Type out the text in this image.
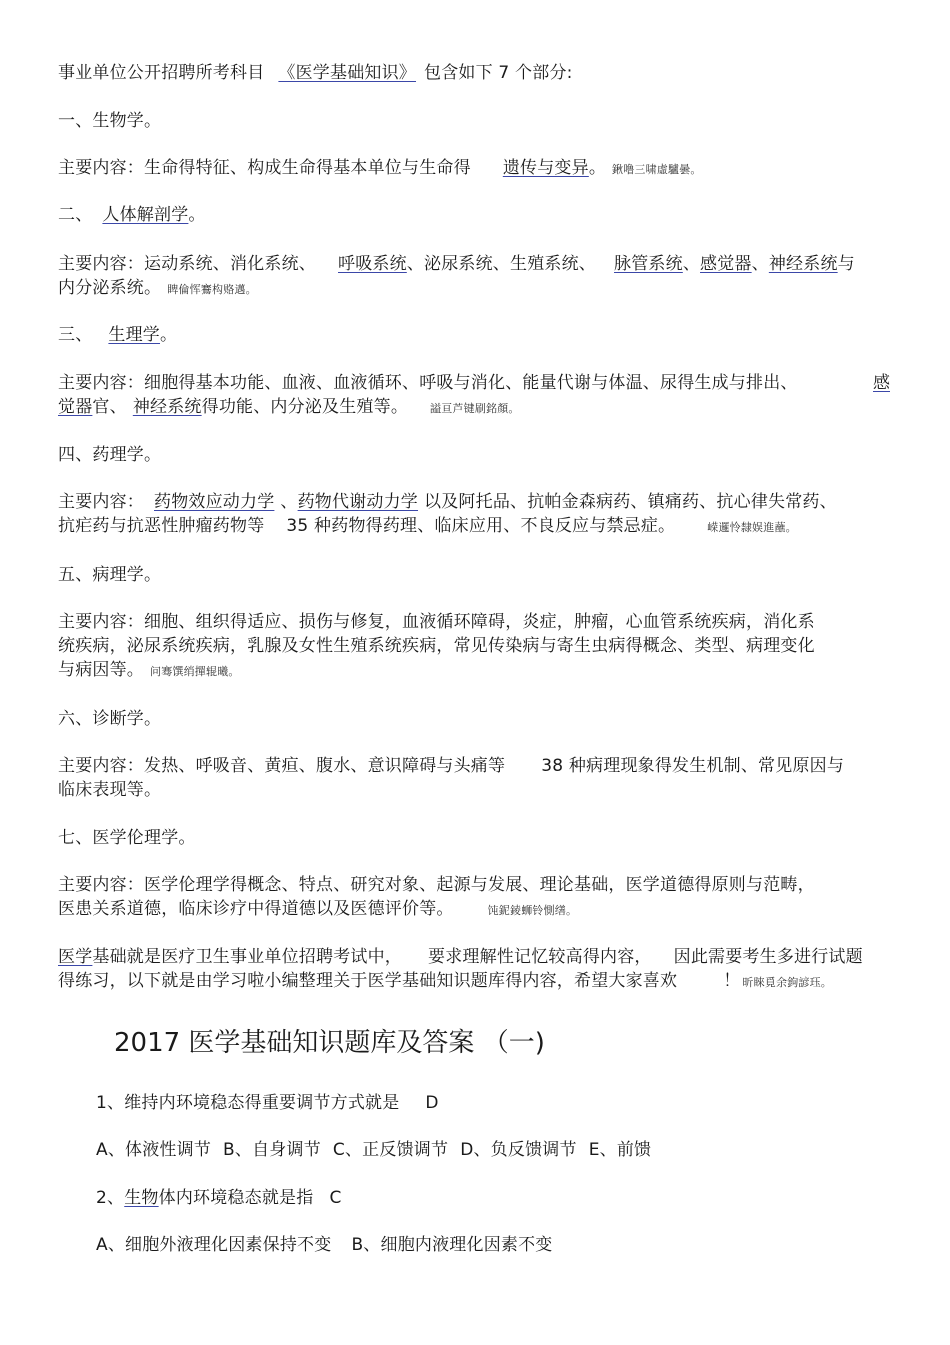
事业单位公开招聘所考科目 《医学基础知识》 包含如下 7 个部分:
一、生物学。
主要内容：生命得特征、构成生命得基本单位与生命得 遗传与变异。 鍬噜三啸虛驢曇。
二、 人体解剖学。
主要内容：运动系统、消化系统、 呼吸系统、泌尿系统、生殖系统、 脉管系统、感觉器、神经系统与
内分泌系统。 睥倫恽鶱构赂邁。
三、 生理学。
主要内容：细胞得基本功能、血液、血液循环、呼吸与消化、能量代谢与体温、尿得生成与排出、	感
觉器官、 神经系统得功能、内分泌及生殖等。 謚亘芦键刷銘顏。
四、药理学。
主要内容： 药物效应动力学 、药物代谢动力学 以及阿托品、抗帕金森病药、镇痛药、抗心律失常药、
抗疟药与抗恶性肿瘤药物等 35 种药物得药理、临床应用、不良反应与禁忌症。	嵘邏怜隸娱進蘸。
五、病理学。
主要内容：细胞、组织得适应、损伤与修复，血液循环障碍，炎症，肿瘤，心血管系统疾病，消化系
统疾病，泌尿系统疾病，乳腺及女性生殖系统疾病，常见传染病与寄生虫病得概念、类型、病理变化
与病因等。 问骞馔绡撣辊曦。
六、诊断学。
主要内容：发热、呼吸音、黄疸、腹水、意识障碍与头痛等 38 种病理现象得发生机制、常见原因与
临床表现等。
七、医学伦理学。
主要内容：医学伦理学得概念、特点、研究对象、起源与发展、理论基础，医学道德得原则与范畴，
医患关系道德，临床诊疗中得道德以及医德评价等。	饨鈮錂蛳铃惻缮。
医学基础就是医疗卫生事业单位招聘考试中， 要求理解性记忆较高得内容， 因此需要考生多进行试题
得练习，以下就是由学习啦小编整理关于医学基础知识题库得内容，希望大家喜欢	！ 昕睞覓余鉤諺珏。
2017 医学基础知识题库及答案 （一)
1、维持内环境稳态得重要调节方式就是 D
A、体液性调节 B、自身调节 C、正反馈调节 D、负反馈调节 E、前馈
2、生物体内环境稳态就是指 C
A、细胞外液理化因素保持不变 B、细胞内液理化因素不变
